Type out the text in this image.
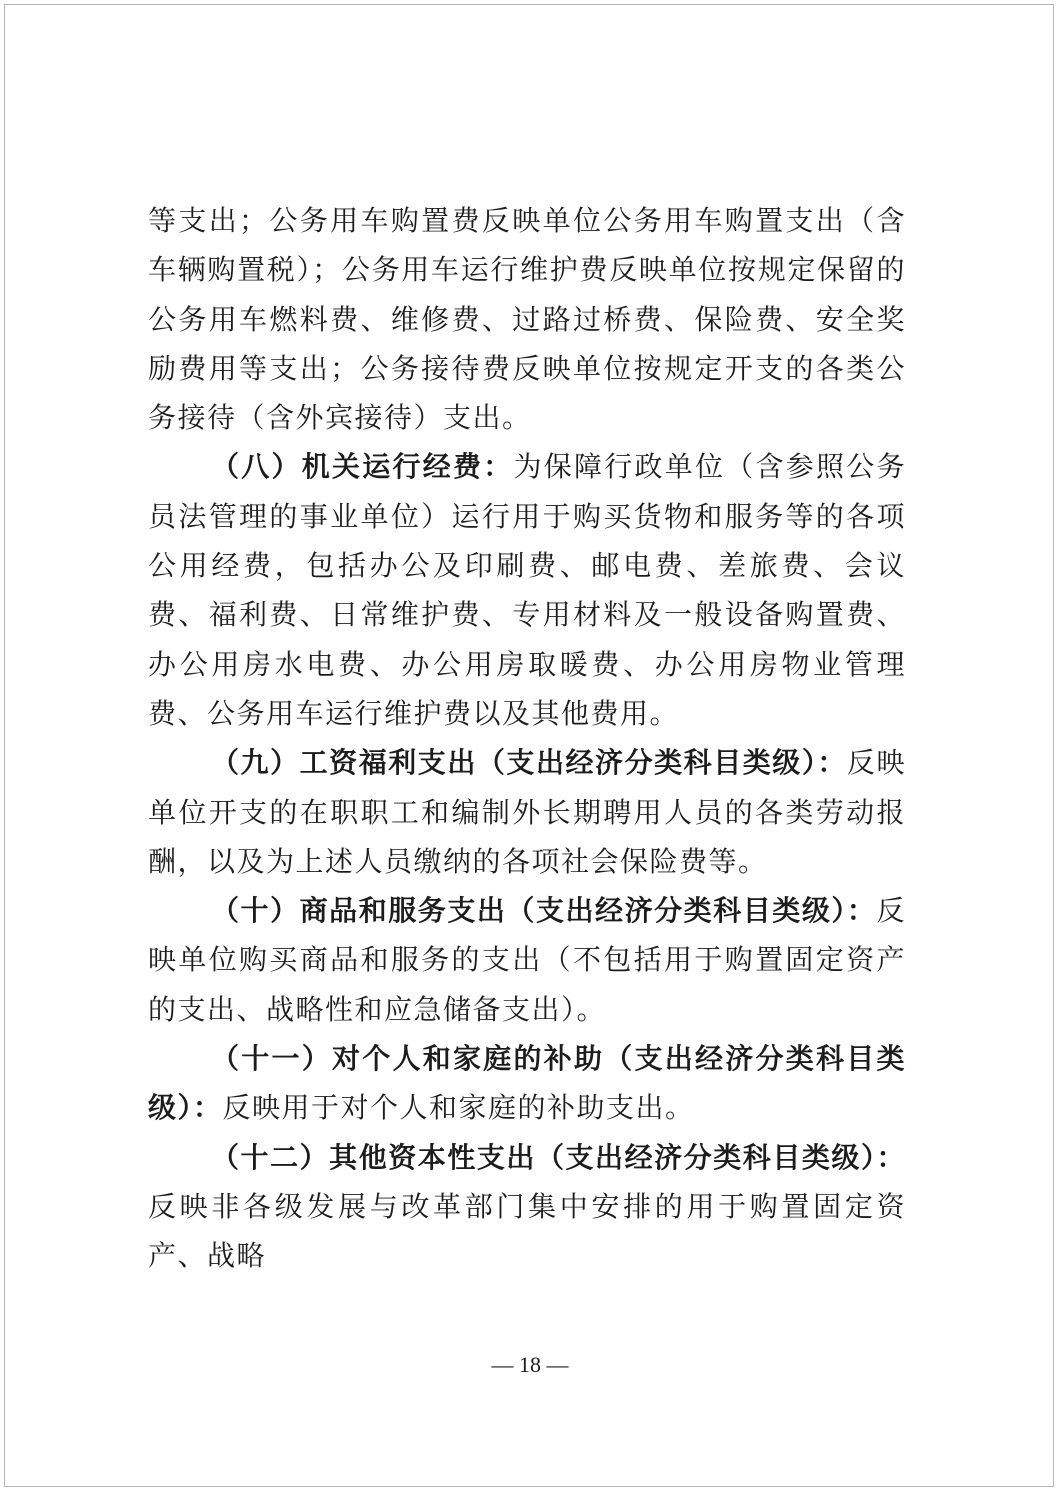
等支出；公务用车购置费反映单位公务用车购置支出（含车辆购置税）；公务用车运行维护费反映单位按规定保留的公务用车燃料费、维修费、过路过桥费、保险费、安全奖励费用等支出；公务接待费反映单位按规定开支的各类公务接待（含外宾接待）支出。

（八）机关运行经费：为保障行政单位（含参照公务员法管理的事业单位）运行用于购买货物和服务等的各项公用经费，包括办公及印刷费、邮电费、差旅费、会议费、福利费、日常维护费、专用材料及一般设备购置费、办公用房水电费、办公用房取暖费、办公用房物业管理费、公务用车运行维护费以及其他费用。

（九）工资福利支出（支出经济分类科目类级）：反映单位开支的在职职工和编制外长期聘用人员的各类劳动报酬，以及为上述人员缴纳的各项社会保险费等。

（十）商品和服务支出（支出经济分类科目类级）：反映单位购买商品和服务的支出（不包括用于购置固定资产的支出、战略性和应急储备支出）。

（十一）对个人和家庭的补助（支出经济分类科目类级）：反映用于对个人和家庭的补助支出。

（十二）其他资本性支出（支出经济分类科目类级）：反映非各级发展与改革部门集中安排的用于购置固定资产、战略

— 18 —
